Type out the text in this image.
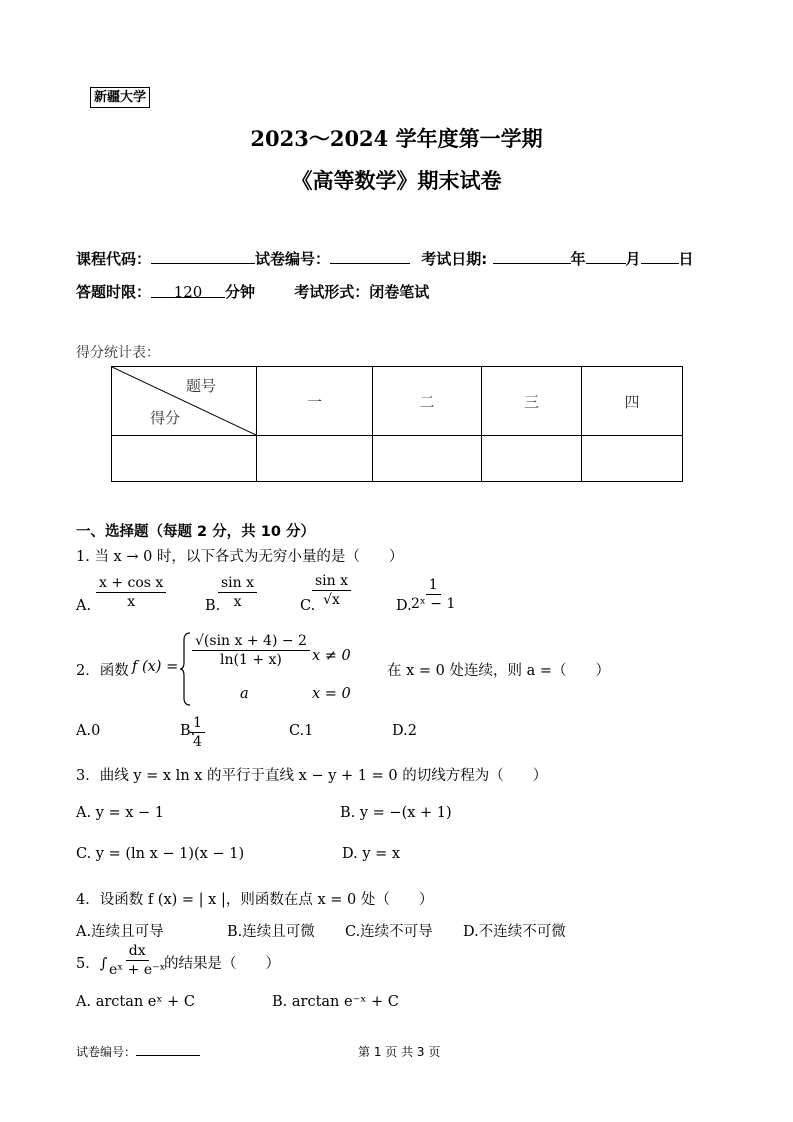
新疆大学
2023～2024 学年度第一学期
《高等数学》期末试卷
课程代码：	试卷编号：	考试日期:	年	月	日
答题时限： 120 分钟	考试形式：闭卷笔试
得分统计表：
题号
得分	一	二	三	四

一、选择题（每题 2 分，共 10 分）
1. 当 x → 0 时，以下各式为无穷小量的是（　　）
A. $\frac{\text{x + cos x}}{x}$	B.
$\frac{\text{sin x}}{x}$	C.
$\frac{\text{sin x}}{√x}$	D.
$\frac{1}{\text{2ˣ − 1}}$
2．函数 f $(x) = \frac{\text{√(sin x + 4) − 2}}{\ln(1 + x)}$ x ≠ 0
a	x = 0
在 x = 0 处连续，则 a =（　　）
A.0	B.
$\frac{1}{4}$	C.1	D.2
3．曲线 y = x ln x 的平行于直线 x − y + 1 = 0 的切线方程为（　　）
A. y = x − 1	B. y = −(x + 1)
C. y = (ln x − 1)(x − 1)	D. y = x
4．设函数 f (x) = | x |，则函数在点 x = 0 处（　　）
A.连续且可导	B.连续且可微 C.连续不可导 D.不连续不可微
5．∫
$\frac{dx}{\text{eˣ + e⁻ˣ}}$
的结果是（　　）
A. arctan eˣ + C	B. arctan e⁻ˣ + C
试卷编号：	第 1 页 共 3 页
